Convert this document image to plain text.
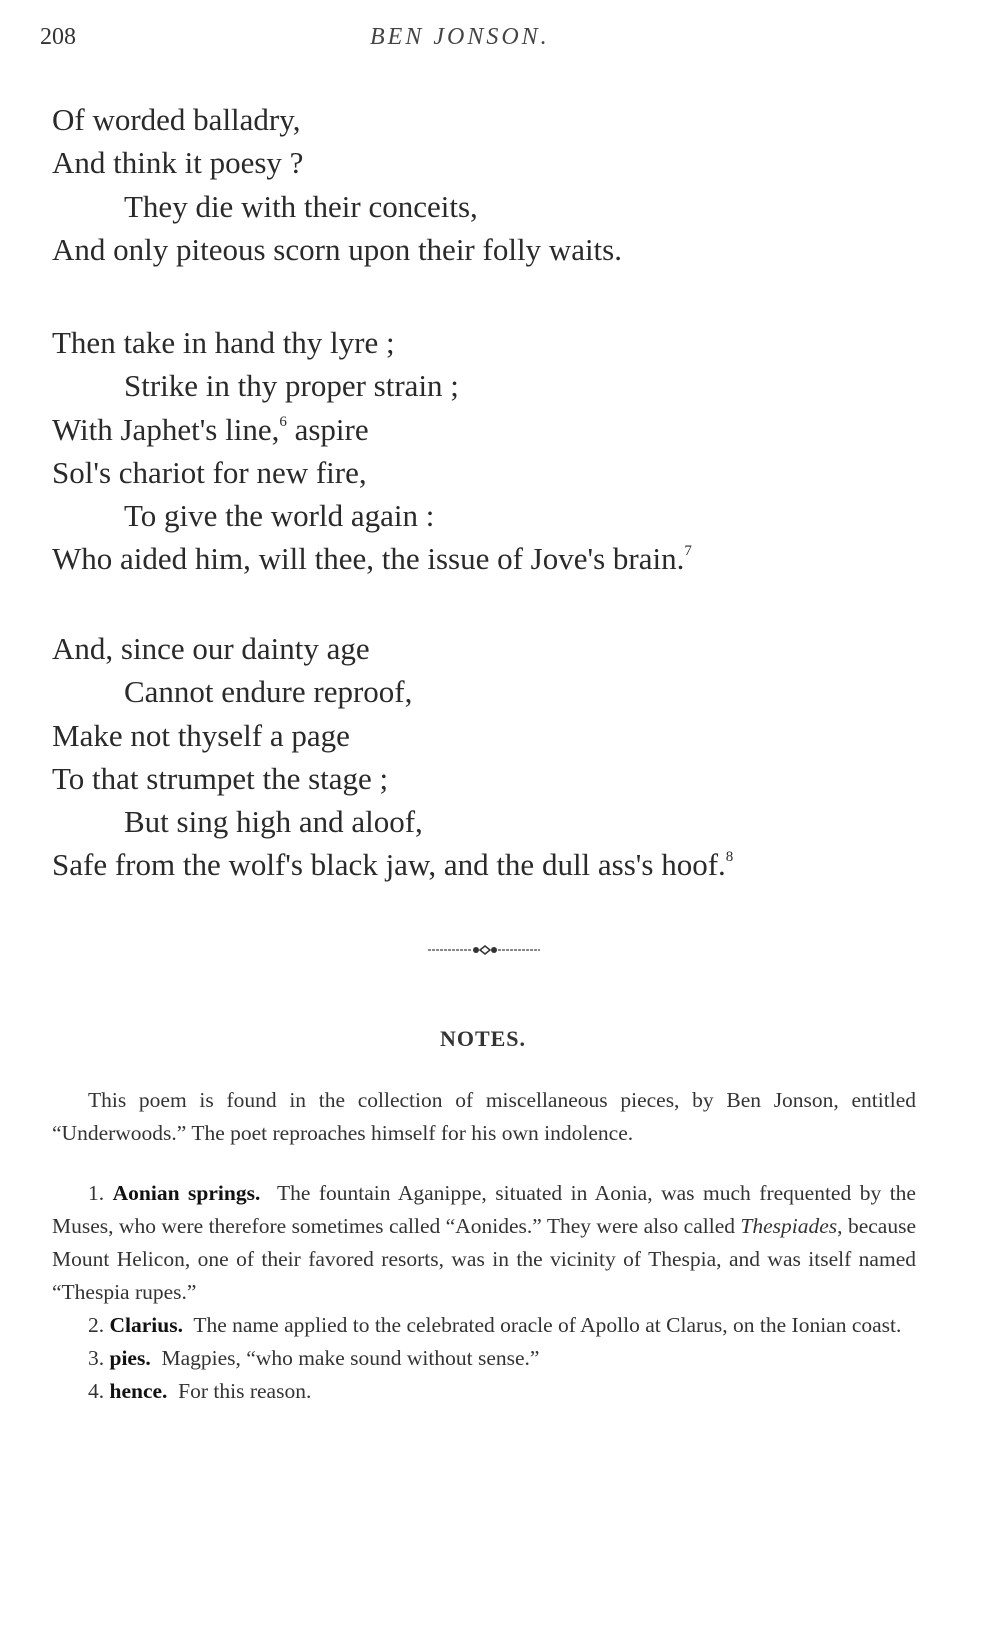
208	BEN JONSON.
Of worded balladry,
And think it poesy ?
They die with their conceits,
And only piteous scorn upon their folly waits.
Then take in hand thy lyre ;
Strike in thy proper strain ;
With Japhet's line,$^6$ aspire
Sol's chariot for new fire,
To give the world again :
Who aided him, will thee, the issue of Jove's brain.$^7$
And, since our dainty age
Cannot endure reproof,
Make not thyself a page
To that strumpet the stage ;
But sing high and aloof,
Safe from the wolf's black jaw, and the dull ass's hoof.$^8$
NOTES.

This poem is found in the collection of miscellaneous pieces, by Ben Jonson, entitled “Underwoods.” The poet reproaches himself for his own indolence.

1. Aonian springs. The fountain Aganippe, situated in Aonia, was much frequented by the Muses, who were therefore sometimes called “Aonides.” They were also called Thespiades, because Mount Helicon, one of their favored resorts, was in the vicinity of Thespia, and was itself named “Thespia rupes.”

2. Clarius. The name applied to the celebrated oracle of Apollo at Clarus, on the Ionian coast.

3. pies. Magpies, “who make sound without sense.”

4. hence. For this reason.
